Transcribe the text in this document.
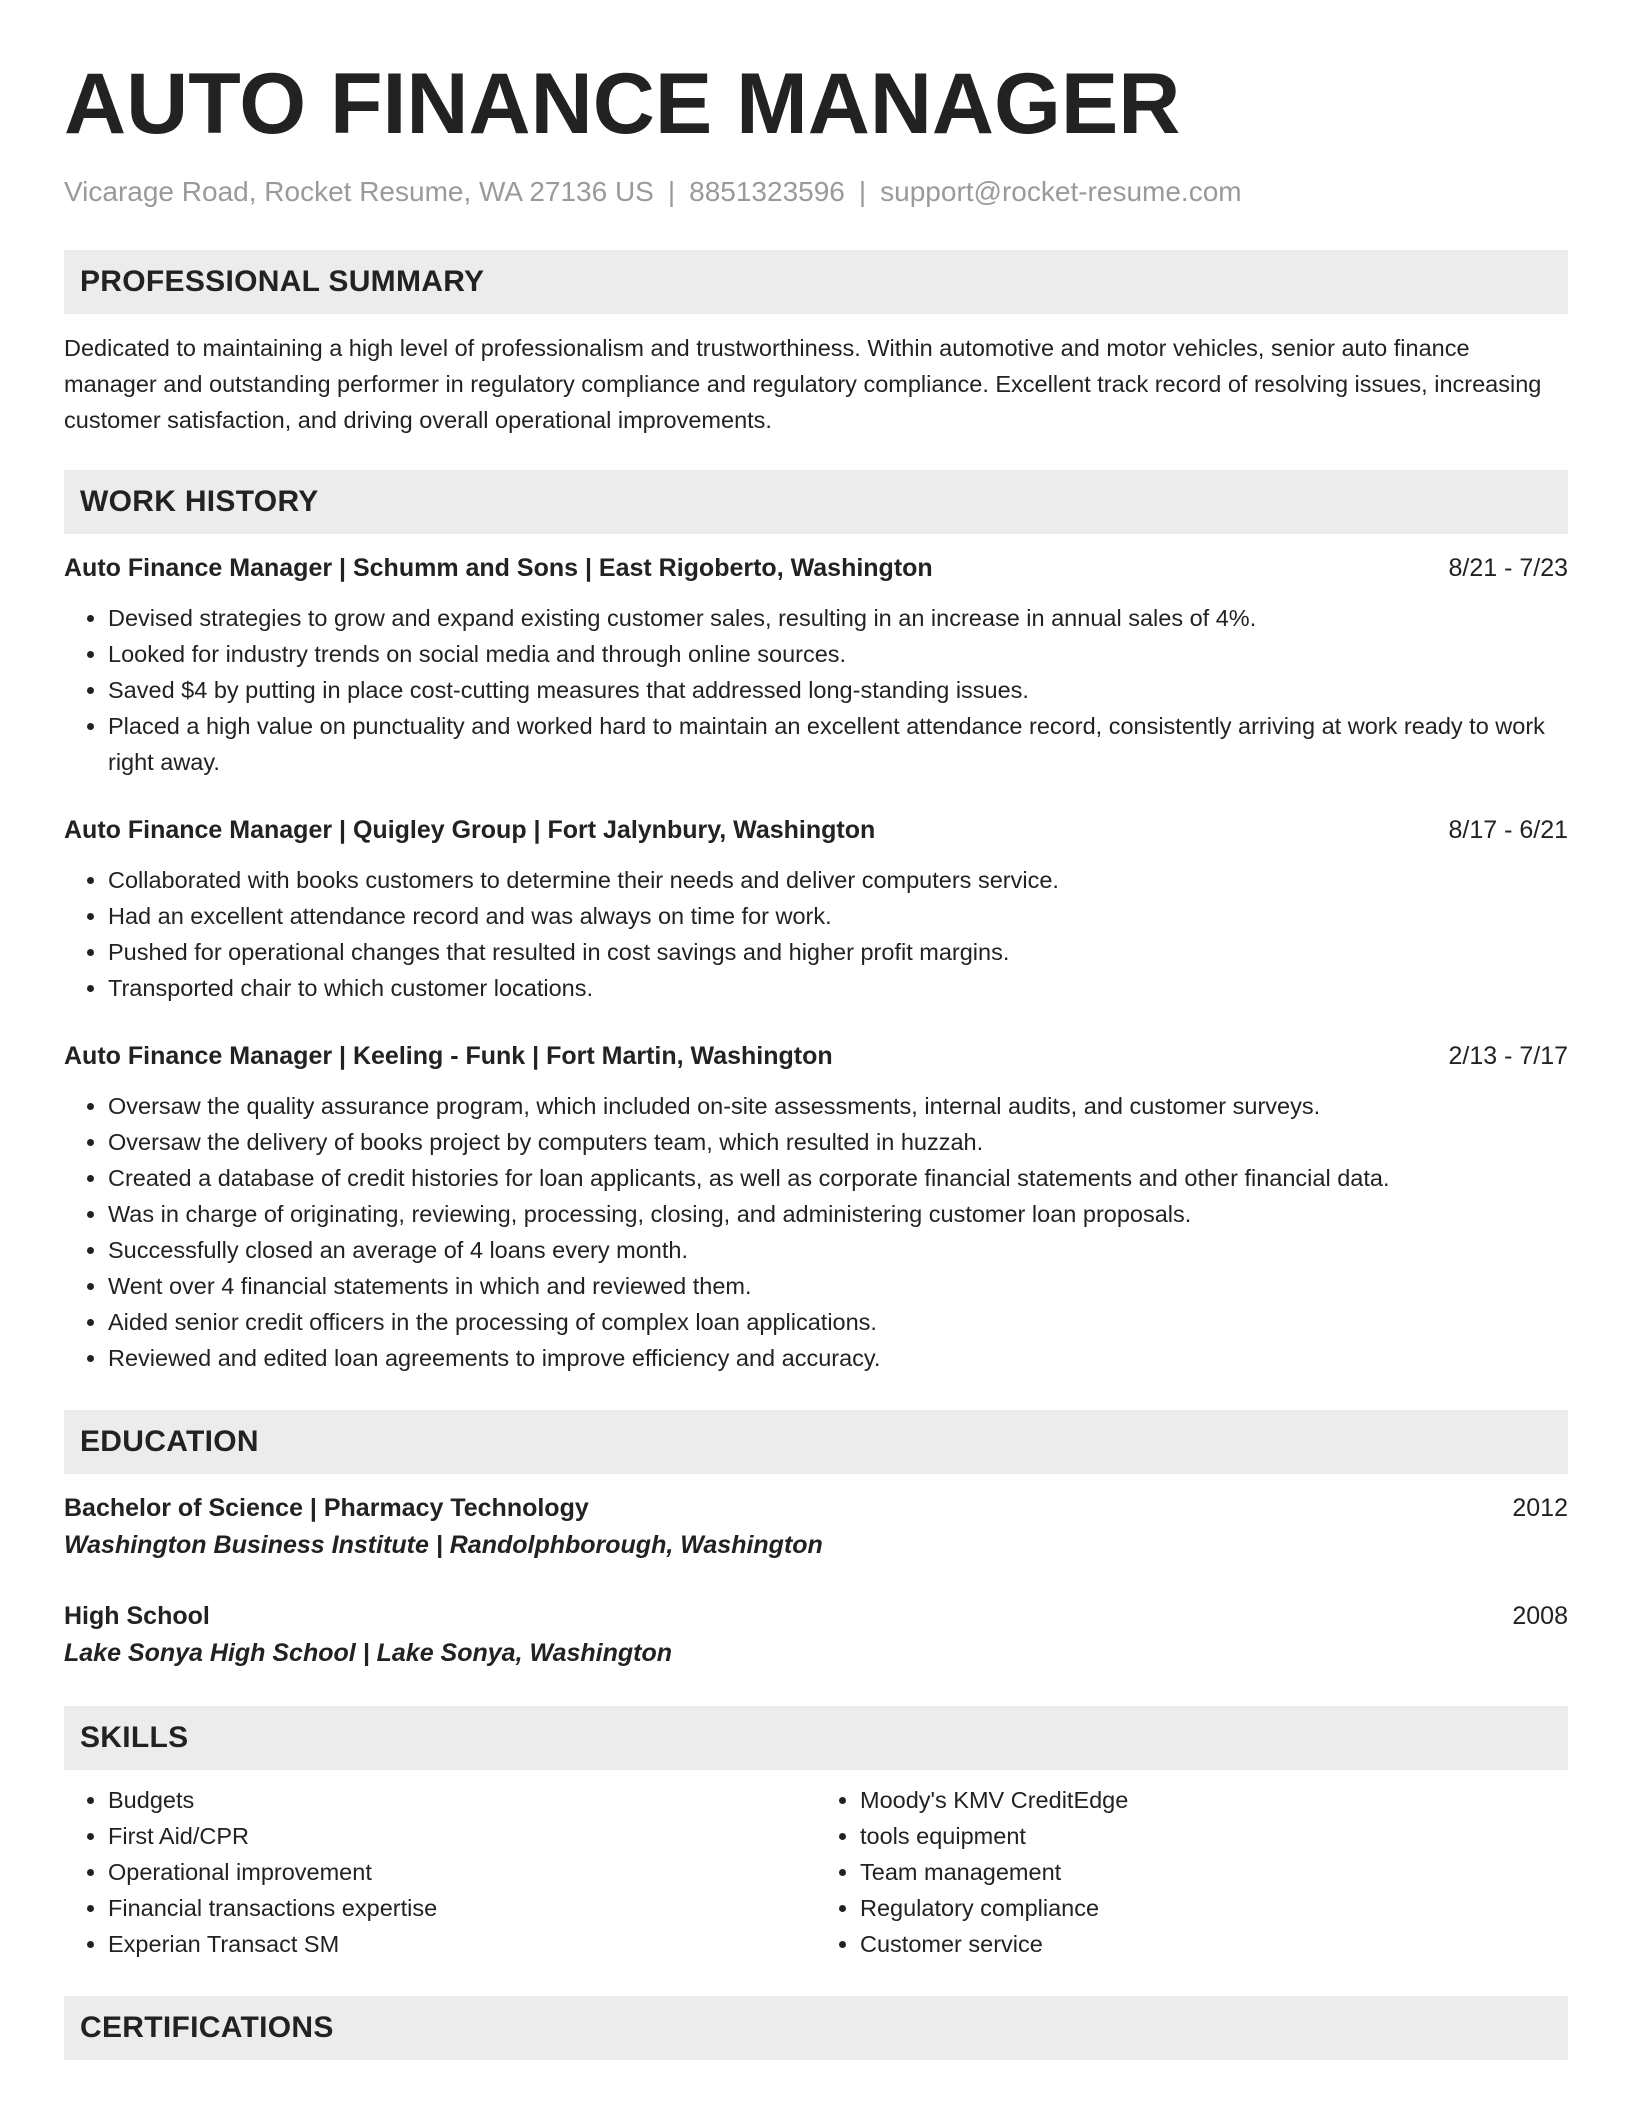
AUTO FINANCE MANAGER
Vicarage Road, Rocket Resume, WA 27136 US | 8851323596 | support@rocket-resume.com
PROFESSIONAL SUMMARY

Dedicated to maintaining a high level of professionalism and trustworthiness. Within automotive and motor vehicles, senior auto finance manager and outstanding performer in regulatory compliance and regulatory compliance. Excellent track record of resolving issues, increasing customer satisfaction, and driving overall operational improvements.

WORK HISTORY
Auto Finance Manager | Schumm and Sons | East Rigoberto, Washington	8/21 - 7/23
• Devised strategies to grow and expand existing customer sales, resulting in an increase in annual sales of 4%.
• Looked for industry trends on social media and through online sources.
• Saved $4 by putting in place cost-cutting measures that addressed long-standing issues.
• Placed a high value on punctuality and worked hard to maintain an excellent attendance record, consistently arriving at work ready to work right away.
Auto Finance Manager | Quigley Group | Fort Jalynbury, Washington	8/17 - 6/21
• Collaborated with books customers to determine their needs and deliver computers service.
• Had an excellent attendance record and was always on time for work.
• Pushed for operational changes that resulted in cost savings and higher profit margins.
• Transported chair to which customer locations.
Auto Finance Manager | Keeling - Funk | Fort Martin, Washington	2/13 - 7/17
• Oversaw the quality assurance program, which included on-site assessments, internal audits, and customer surveys.
• Oversaw the delivery of books project by computers team, which resulted in huzzah.
• Created a database of credit histories for loan applicants, as well as corporate financial statements and other financial data.
• Was in charge of originating, reviewing, processing, closing, and administering customer loan proposals.
• Successfully closed an average of 4 loans every month.
• Went over 4 financial statements in which and reviewed them.
• Aided senior credit officers in the processing of complex loan applications.
• Reviewed and edited loan agreements to improve efficiency and accuracy.
EDUCATION
Bachelor of Science | Pharmacy Technology	2012
Washington Business Institute | Randolphborough, Washington
High School	2008
Lake Sonya High School | Lake Sonya, Washington
SKILLS
• Budgets
• First Aid/CPR
• Operational improvement
• Financial transactions expertise
• Experian Transact SM
• Moody's KMV CreditEdge
• tools equipment
• Team management
• Regulatory compliance
• Customer service
CERTIFICATIONS
